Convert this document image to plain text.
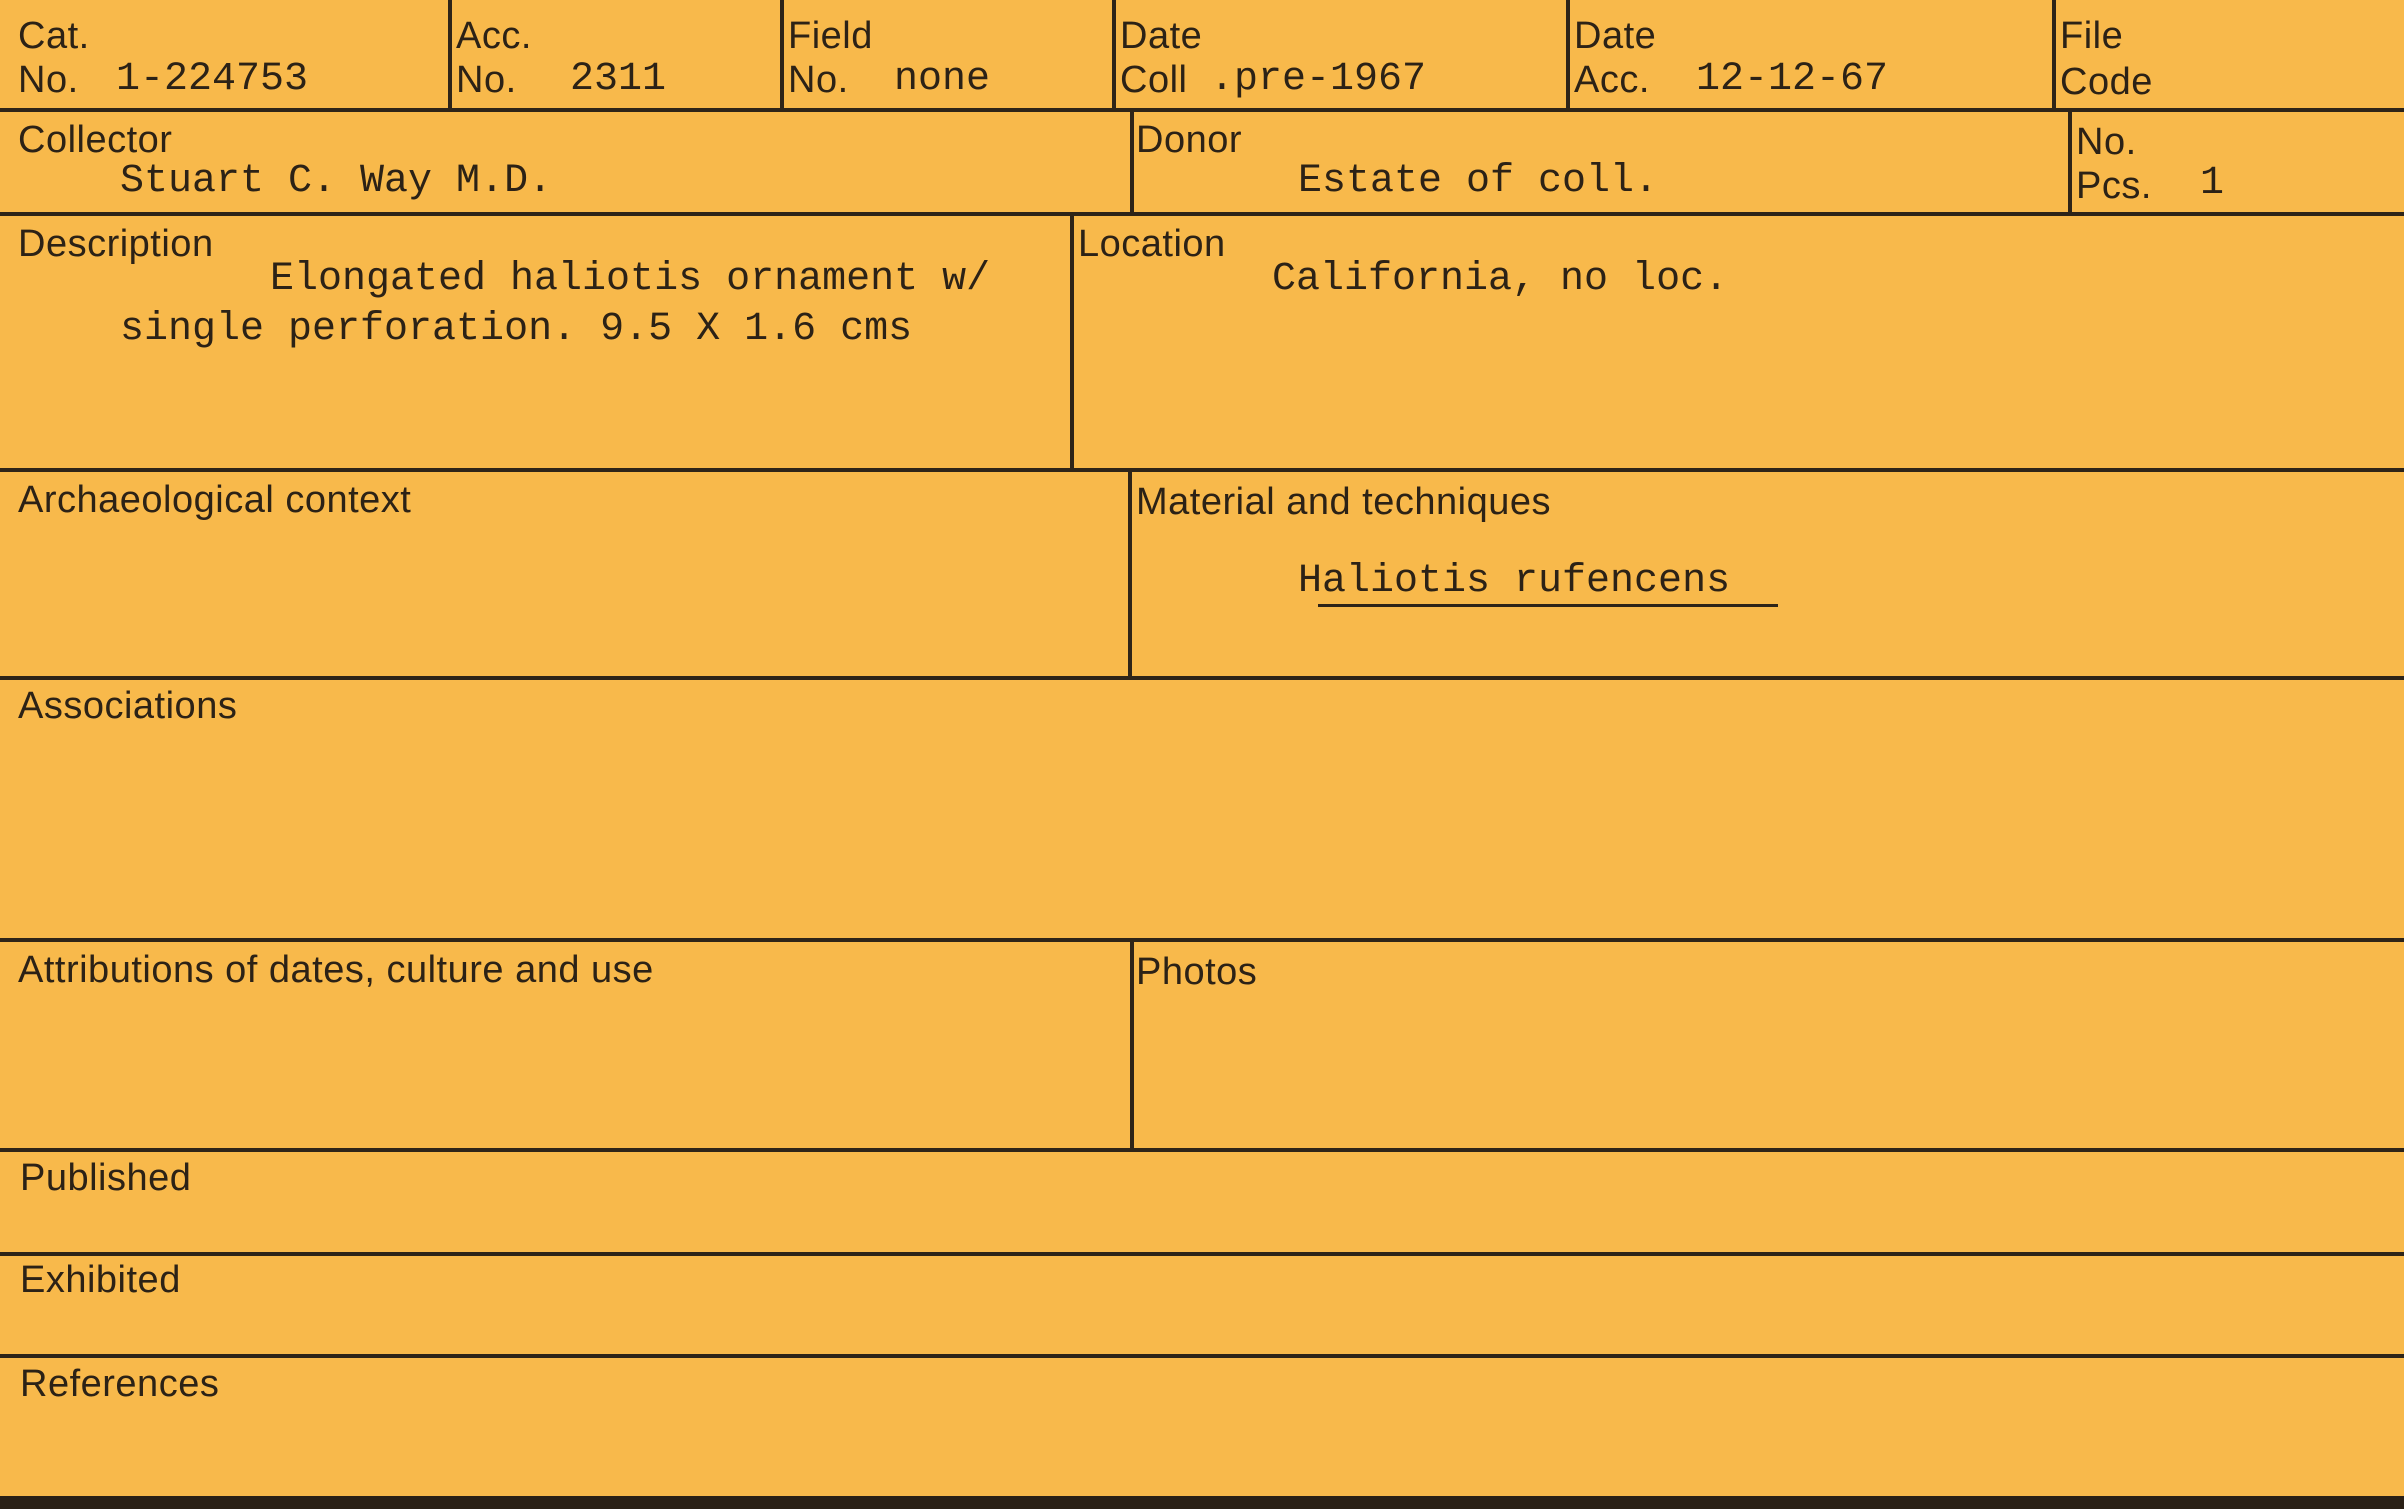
Cat.
No. 1-224753
Acc.
No. 2311
Field
No. none
Date
Coll .pre-1967
Date
Acc. 12-12-67
File
Code
Collector
Stuart C. Way M.D.
Donor
Estate of coll.
No.
Pcs. 1
Description
Elongated haliotis ornament w/
single perforation. 9.5 X 1.6 cms
Location
California, no loc.
Archaeological context	Material and techniques
Haliotis rufencens
Associations
Attributions of dates, culture and use	Photos
Published
Exhibited
References
